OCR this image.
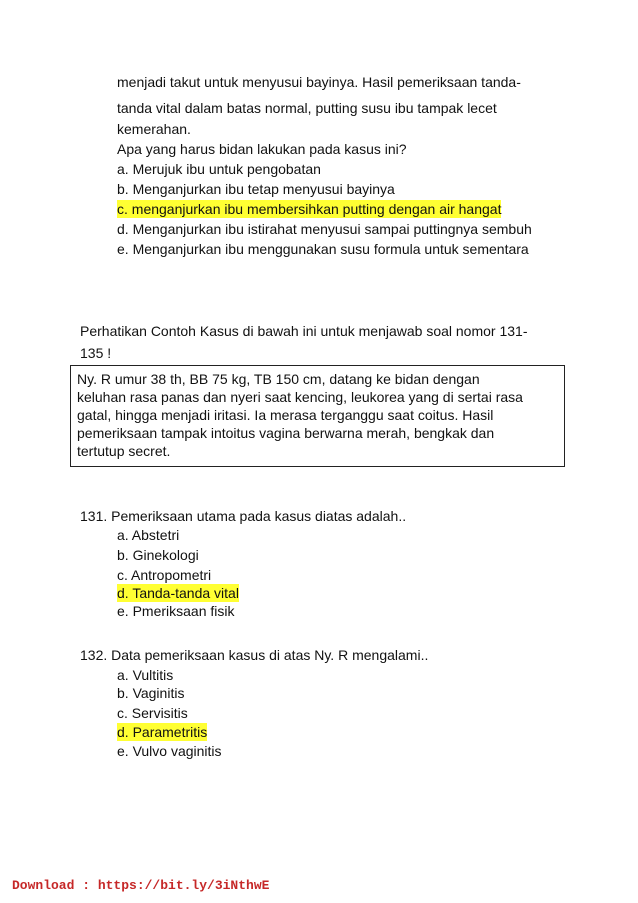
menjadi takut untuk menyusui bayinya. Hasil pemeriksaan tanda-
tanda vital dalam batas normal, putting susu ibu tampak lecet
kemerahan.
Apa yang harus bidan lakukan pada kasus ini?
a. Merujuk ibu untuk pengobatan
b. Menganjurkan ibu tetap menyusui bayinya
c. menganjurkan ibu membersihkan putting dengan air hangat
d. Menganjurkan ibu istirahat menyusui sampai puttingnya sembuh
e. Menganjurkan ibu menggunakan susu formula untuk sementara
Perhatikan Contoh Kasus di bawah ini untuk menjawab soal nomor 131-
135 !
Ny. R umur 38 th, BB 75 kg, TB 150 cm, datang ke bidan dengan
keluhan rasa panas dan nyeri saat kencing, leukorea yang di sertai rasa
gatal, hingga menjadi iritasi. Ia merasa terganggu saat coitus. Hasil
pemeriksaan tampak intoitus vagina berwarna merah, bengkak dan
tertutup secret.
131. Pemeriksaan utama pada kasus diatas adalah..
a. Abstetri
b. Ginekologi
c. Antropometri
d. Tanda-tanda vital
e. Pmeriksaan fisik
132. Data pemeriksaan kasus di atas Ny. R mengalami..
a. Vultitis
b. Vaginitis
c. Servisitis
d. Parametritis
e. Vulvo vaginitis
Download : https://bit.ly/3iNthwE
